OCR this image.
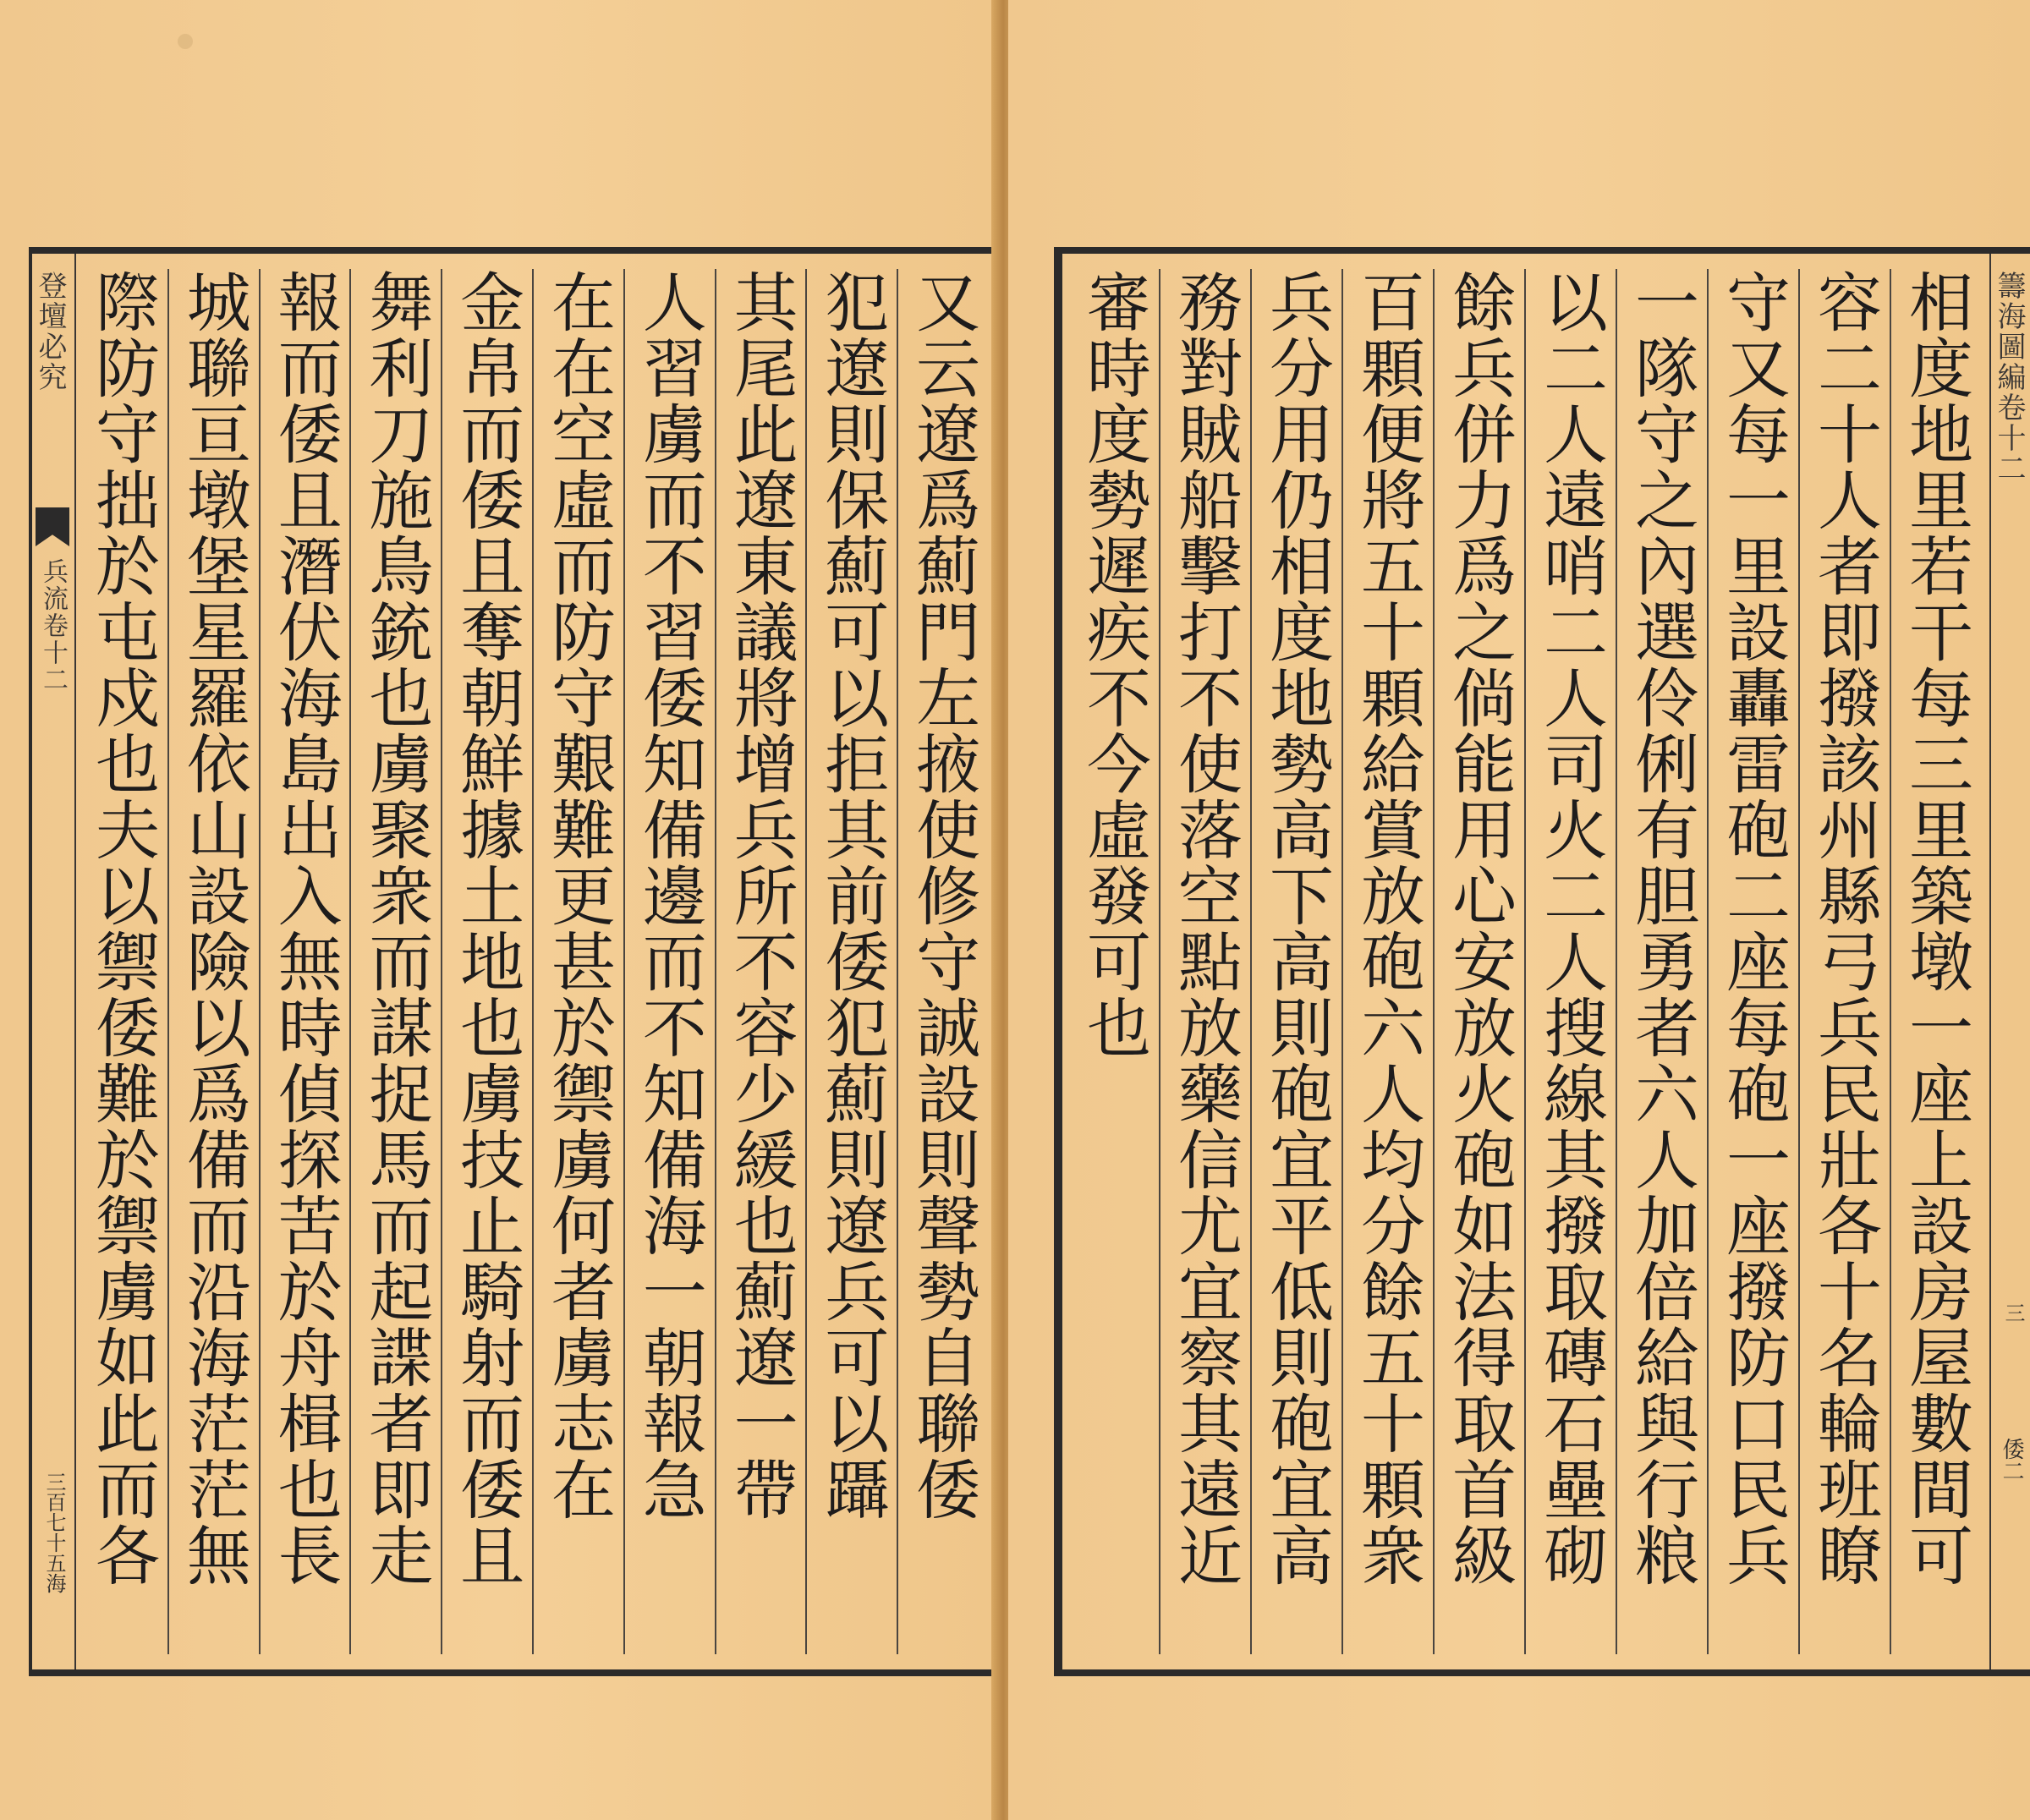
又云遼爲薊門左掖使修守誠設則聲勢自聯倭
犯遼則保薊可以拒其前倭犯薊則遼兵可以躡
其尾此遼東議將增兵所不容少緩也薊遼一帶
人習虜而不習倭知備邊而不知備海一朝報急
在在空虛而防守艱難更甚於禦虜何者虜志在
金帛而倭且奪朝鮮據土地也虜技止騎射而倭且
舞利刀施鳥銃也虜聚衆而謀捉馬而起諜者即走
報而倭且潛伏海島出入無時偵探苦於舟楫也長
城聯亘墩堡星羅依山設險以爲備而沿海茫茫無
際防守拙於屯戍也夫以禦倭難於禦虜如此而各
登壇必究
兵流卷十二
三百七十五海	相度地里若干每三里築墩一座上設房屋數間可
容二十人者即撥該州縣弓兵民壯各十名輪班瞭
守又每一里設轟雷砲二座每砲一座撥防口民兵
一隊守之內選伶俐有胆勇者六人加倍給與行粮
以二人遠哨二人司火二人搜線其撥取磚石壘砌
餘兵併力爲之倘能用心安放火砲如法得取首級
百顆便將五十顆給賞放砲六人均分餘五十顆衆
兵分用仍相度地勢高下高則砲宜平低則砲宜高
務對賊船擊打不使落空點放藥信尤宜察其遠近
審時度勢遲疾不今虛發可也	籌海圖編卷十二
三
倭二
